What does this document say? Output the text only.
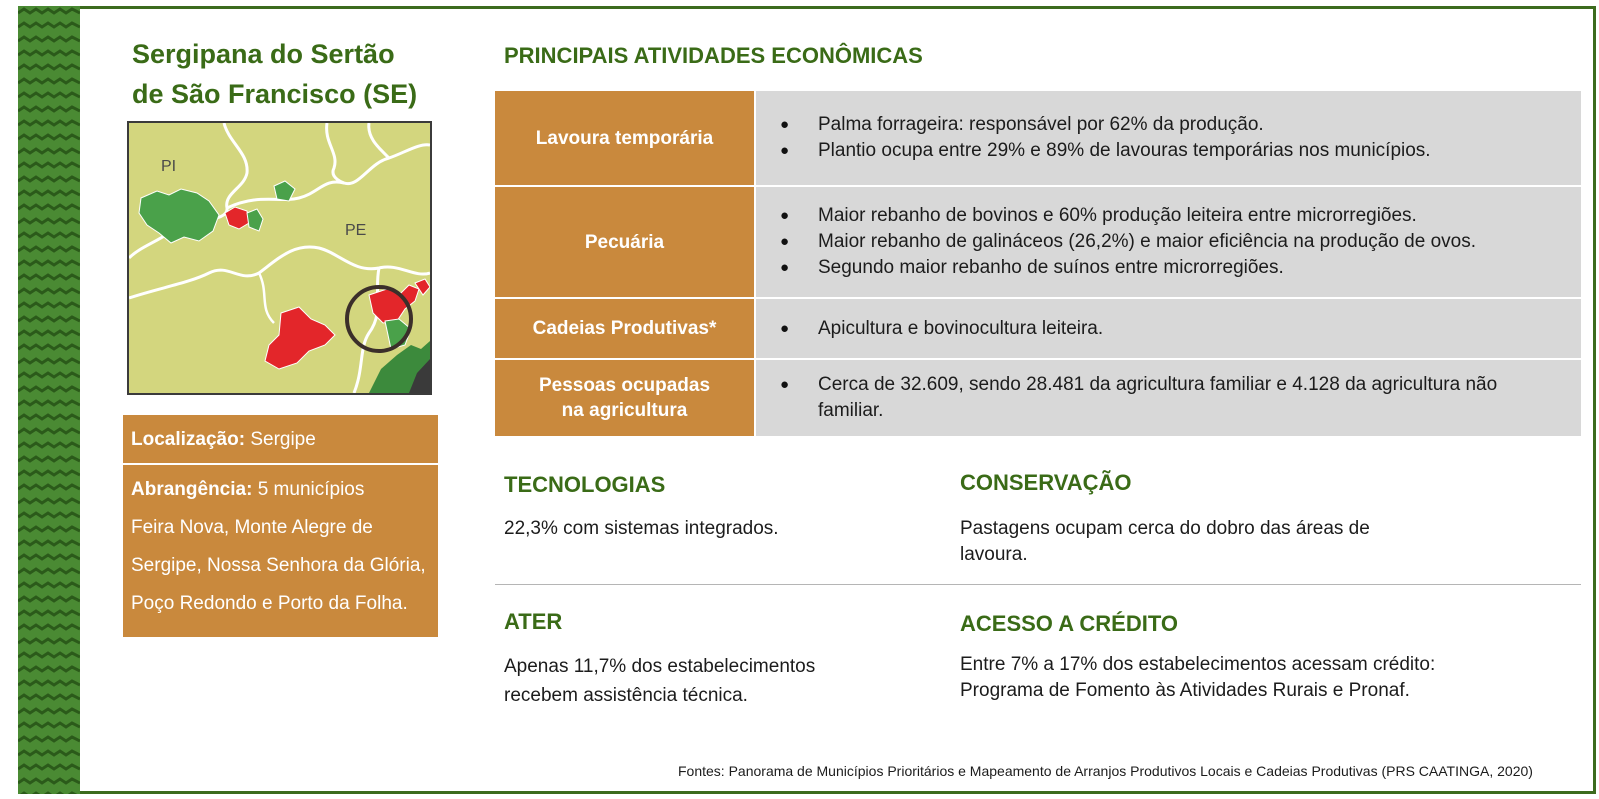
Sergipana do Sertão
de São Francisco (SE)
PI
PE
Localização: Sergipe
Abrangência: 5 municípios
Feira Nova, Monte Alegre de Sergipe, Nossa Senhora da Glória, Poço Redondo e Porto da Folha.
PRINCIPAIS ATIVIDADES ECONÔMICAS
Lavoura temporária
● Palma forrageira: responsável por 62% da produção.
● Plantio ocupa entre 29% e 89% de lavouras temporárias nos municípios.
Pecuária
● Maior rebanho de bovinos e 60% produção leiteira entre microrregiões.
● Maior rebanho de galináceos (26,2%) e maior eficiência na produção de ovos.
● Segundo maior rebanho de suínos entre microrregiões.
Cadeias Produtivas*
●	Apicultura e bovinocultura leiteira.
Pessoas ocupadas
na agricultura
● Cerca de 32.609, sendo 28.481 da agricultura familiar e 4.128 da agricultura não familiar.
TECNOLOGIAS
22,3% com sistemas integrados.
CONSERVAÇÃO
Pastagens ocupam cerca do dobro das áreas de lavoura.
ATER
Apenas 11,7% dos estabelecimentos recebem assistência técnica.
ACESSO A CRÉDITO
Entre 7% a 17% dos estabelecimentos acessam crédito: Programa de Fomento às Atividades Rurais e Pronaf.
Fontes: Panorama de Municípios Prioritários e Mapeamento de Arranjos Produtivos Locais e Cadeias Produtivas (PRS CAATINGA, 2020)
